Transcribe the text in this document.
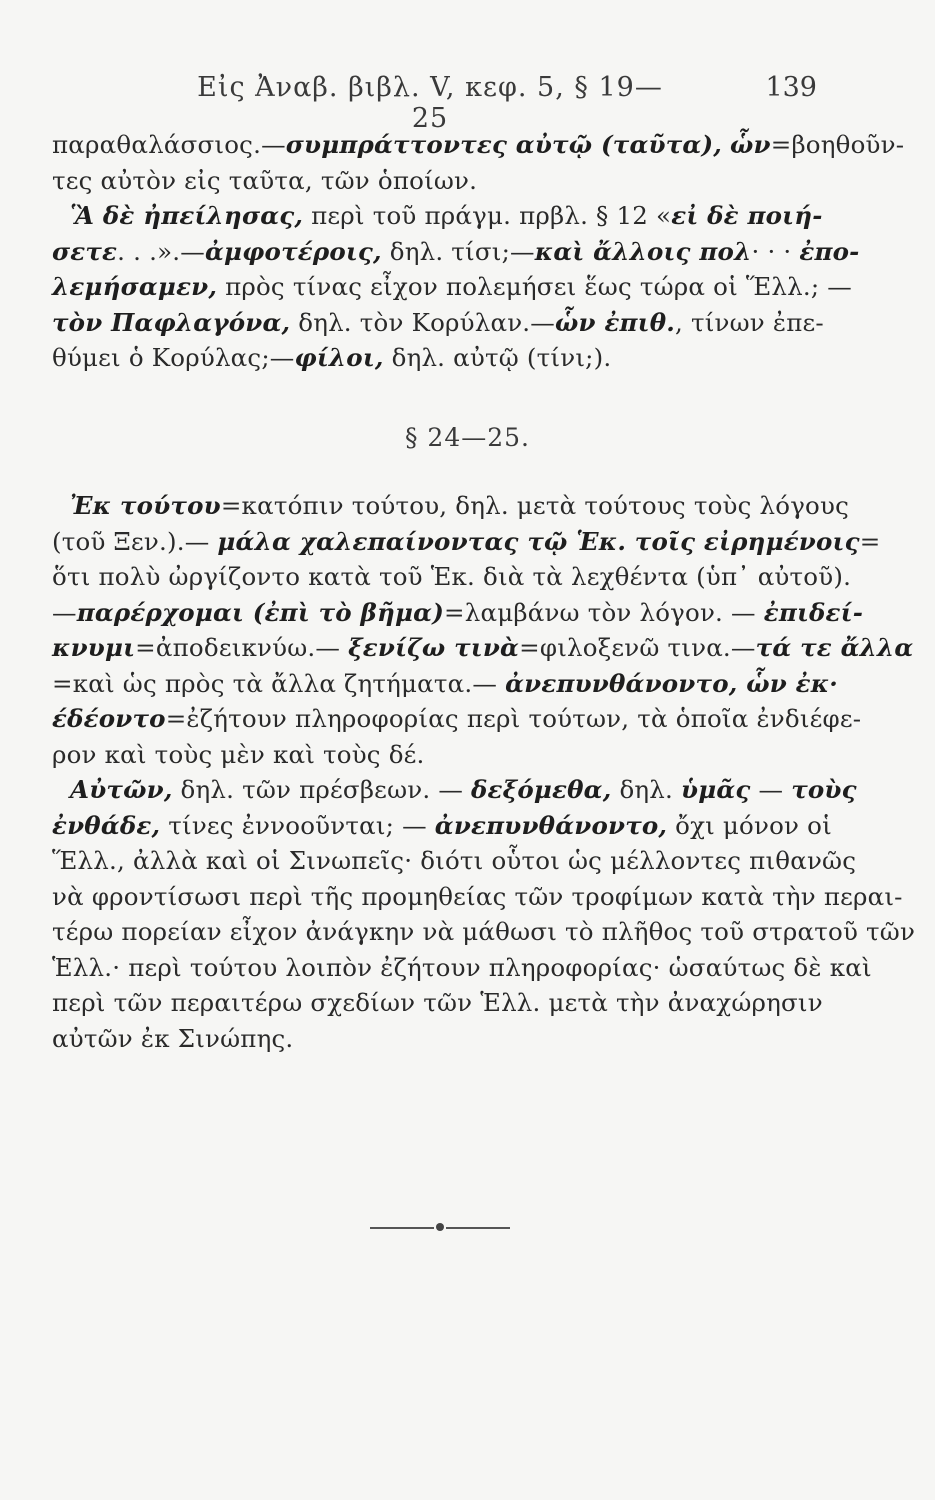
Εἰς Ἀναβ. βιβλ. V, κεφ. 5, § 19—25
139
παραθαλάσσιος.—συμπράττοντες αὐτῷ (ταῦτα), ὧν=βοηθοῦν-
τες αὐτὸν εἰς ταῦτα, τῶν ὁποίων.
Ἃ δὲ ἠπείλησας, περὶ τοῦ πράγμ. πρβλ. § 12 «εἰ δὲ ποιή-
σετε. . .».—ἀμφοτέροις, δηλ. τίσι;—καὶ ἄλλοις πολ· · · ἐπο-
λεμήσαμεν, πρὸς τίνας εἶχον πολεμήσει ἕως τώρα οἱ Ἕλλ.; —
τὸν Παφλαγόνα, δηλ. τὸν Κορύλαν.—ὧν ἐπιθ., τίνων ἐπε-
θύμει ὁ Κορύλας;—φίλοι, δηλ. αὐτῷ (τίνι;).
§ 24—25.
Ἐκ τούτου=κατόπιν τούτου, δηλ. μετὰ τούτους τοὺς λόγους
(τοῦ Ξεν.).— μάλα χαλεπαίνοντας τῷ Ἑκ. τοῖς εἰρημένοις=
ὅτι πολὺ ὠργίζοντο κατὰ τοῦ Ἑκ. διὰ τὰ λεχθέντα (ὑπ᾽ αὐτοῦ).
—παρέρχομαι (ἐπὶ τὸ βῆμα)=λαμβάνω τὸν λόγον. — ἐπιδεί-
κνυμι=ἀποδεικνύω.— ξενίζω τινὰ=φιλοξενῶ τινα.—τά τε ἄλλα
=καὶ ὡς πρὸς τὰ ἄλλα ζητήματα.— ἀνεπυνθάνοντο, ὧν ἐκ·
έδέοντο=ἐζήτουν πληροφορίας περὶ τούτων, τὰ ὁποῖα ἐνδιέφε-
ρον καὶ τοὺς μὲν καὶ τοὺς δέ.
Αὐτῶν, δηλ. τῶν πρέσβεων. — δεξόμεθα, δηλ. ὑμᾶς — τοὺς
ἐνθάδε, τίνες ἐννοοῦνται; — ἀνεπυνθάνοντο, ὄχι μόνον οἱ
Ἕλλ., ἀλλὰ καὶ οἱ Σινωπεῖς· διότι οὗτοι ὡς μέλλοντες πιθανῶς
νὰ φροντίσωσι περὶ τῆς προμηθείας τῶν τροφίμων κατὰ τὴν περαι-
τέρω πορείαν εἶχον ἀνάγκην νὰ μάθωσι τὸ πλῆθος τοῦ στρατοῦ τῶν
Ἑλλ.· περὶ τούτου λοιπὸν ἐζήτουν πληροφορίας· ὡσαύτως δὲ καὶ
περὶ τῶν περαιτέρω σχεδίων τῶν Ἑλλ. μετὰ τὴν ἀναχώρησιν
αὐτῶν ἐκ Σινώπης.
